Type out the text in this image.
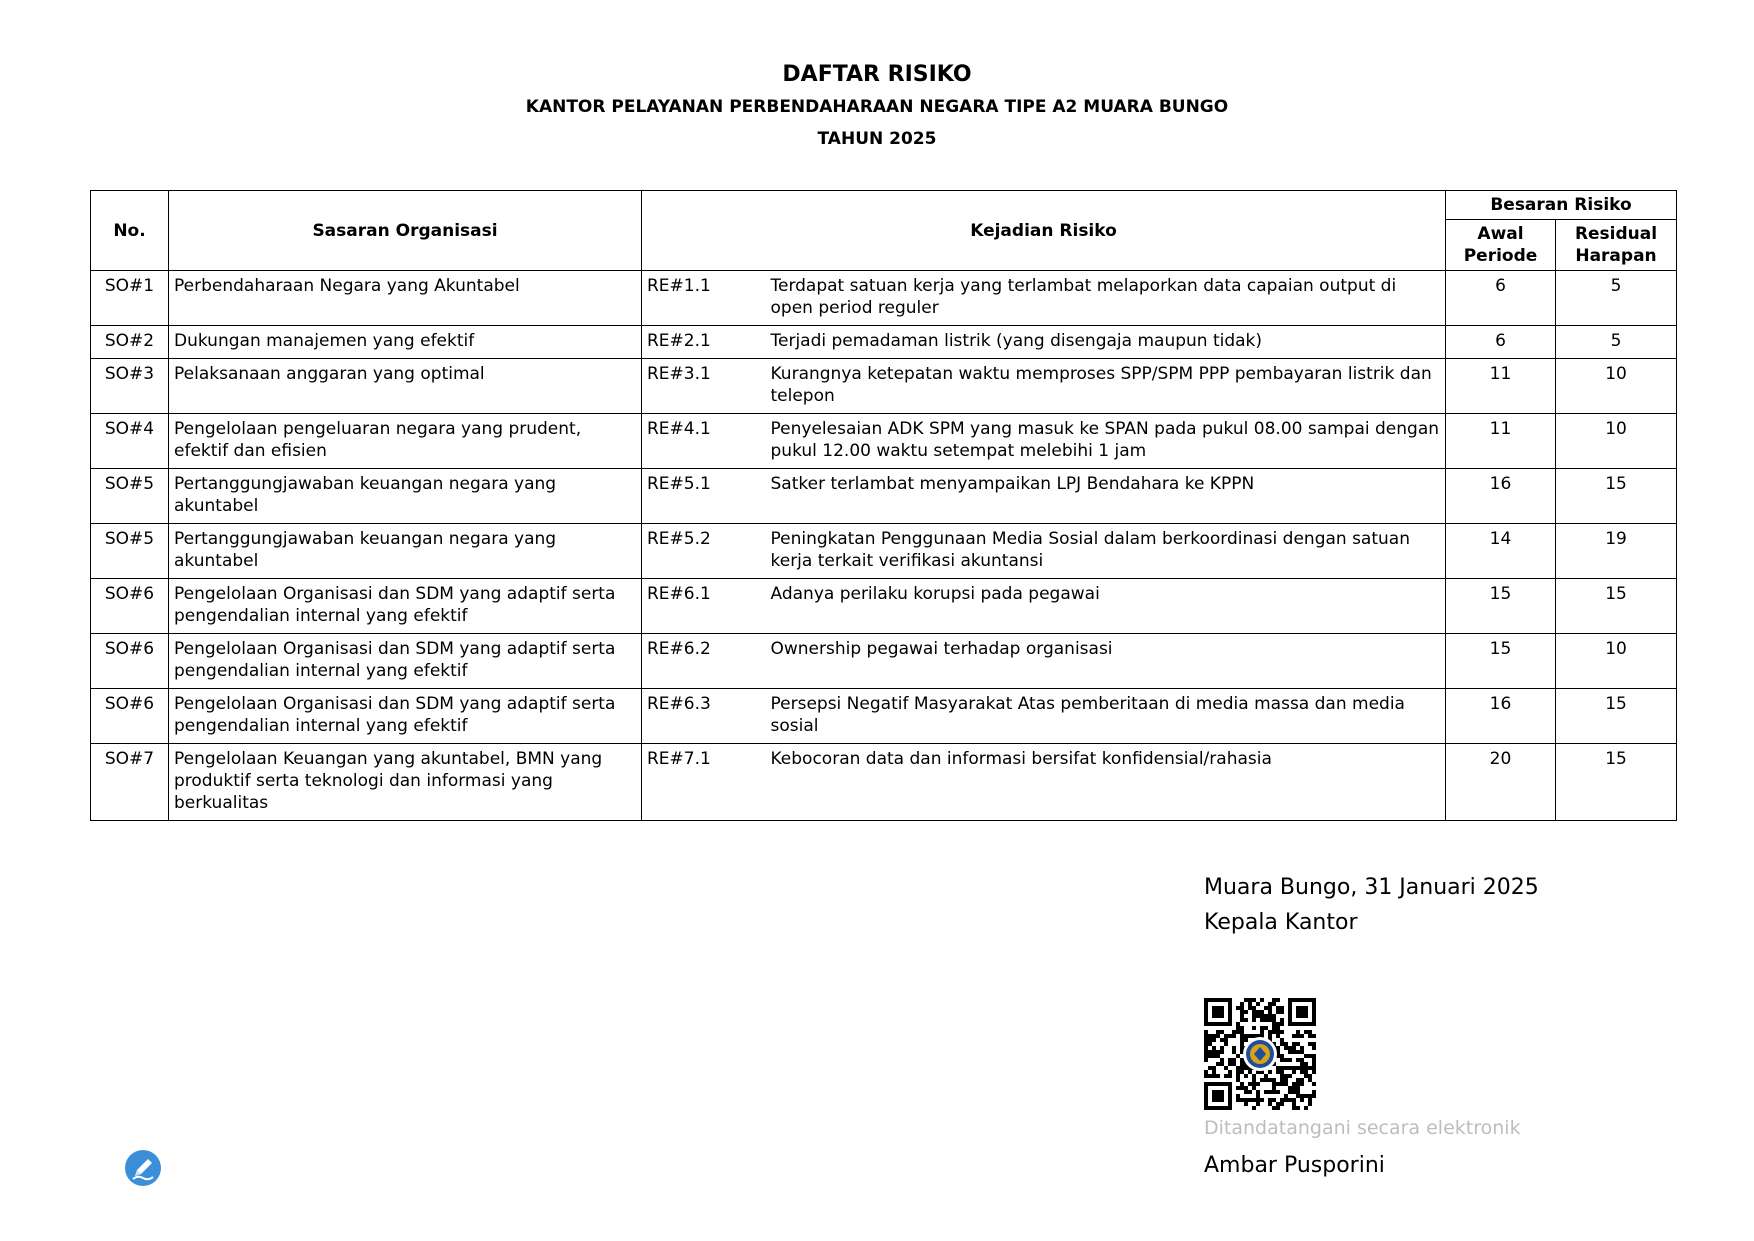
DAFTAR RISIKO
KANTOR PELAYANAN PERBENDAHARAAN NEGARA TIPE A2 MUARA BUNGO
TAHUN 2025
No.	Sasaran Organisasi	Kejadian Risiko		Besaran Risiko	
				Awal Periode	Residual Harapan
SO#1	Perbendaharaan Negara yang Akuntabel	RE#1.1	Terdapat satuan kerja yang terlambat melaporkan data capaian output di open period reguler	6	5
SO#2	Dukungan manajemen yang efektif	RE#2.1	Terjadi pemadaman listrik (yang disengaja maupun tidak)	6	5
SO#3	Pelaksanaan anggaran yang optimal	RE#3.1	Kurangnya ketepatan waktu memproses SPP/SPM PPP pembayaran listrik dan telepon	11	10
SO#4	Pengelolaan pengeluaran negara yang prudent, efektif dan efisien	RE#4.1	Penyelesaian ADK SPM yang masuk ke SPAN pada pukul 08.00 sampai dengan pukul 12.00 waktu setempat melebihi 1 jam	11	10
SO#5	Pertanggungjawaban keuangan negara yang akuntabel	RE#5.1	Satker terlambat menyampaikan LPJ Bendahara ke KPPN	16	15
SO#5	Pertanggungjawaban keuangan negara yang akuntabel	RE#5.2	Peningkatan Penggunaan Media Sosial dalam berkoordinasi dengan satuan kerja terkait verifikasi akuntansi	14	19
SO#6	Pengelolaan Organisasi dan SDM yang adaptif serta pengendalian internal yang efektif	RE#6.1	Adanya perilaku korupsi pada pegawai	15	15
SO#6	Pengelolaan Organisasi dan SDM yang adaptif serta pengendalian internal yang efektif	RE#6.2	Ownership pegawai terhadap organisasi	15	10
SO#6	Pengelolaan Organisasi dan SDM yang adaptif serta pengendalian internal yang efektif	RE#6.3	Persepsi Negatif Masyarakat Atas pemberitaan di media massa dan media sosial	16	15
SO#7	Pengelolaan Keuangan yang akuntabel, BMN yang produktif serta teknologi dan informasi yang berkualitas	RE#7.1	Kebocoran data dan informasi bersifat konfidensial/rahasia	20	15
Muara Bungo, 31 Januari 2025
Kepala Kantor
Ditandatangani secara elektronik
Ambar Pusporini
